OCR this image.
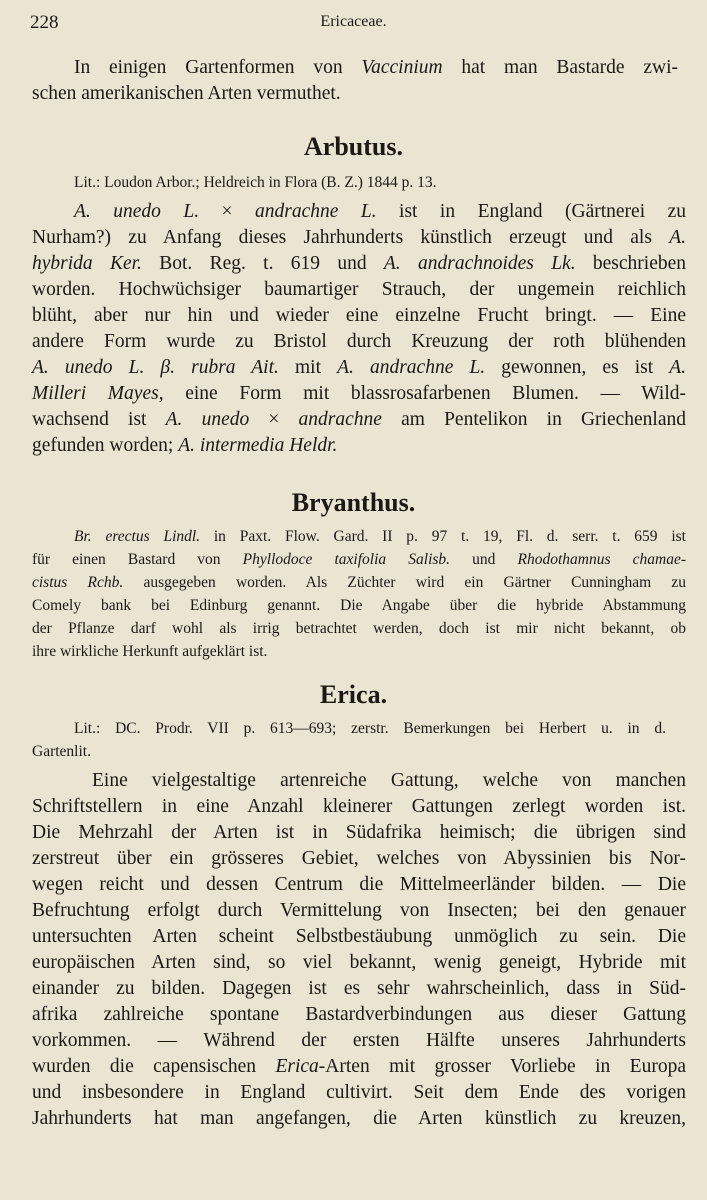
228	Ericaceae.
In einigen Gartenformen von Vaccinium hat man Bastarde zwi-
schen amerikanischen Arten vermuthet.
Arbutus.
Lit.: Loudon Arbor.; Heldreich in Flora (B. Z.) 1844 p. 13.
A. unedo L. × andrachne L. ist in England (Gärtnerei zu
Nurham?) zu Anfang dieses Jahrhunderts künstlich erzeugt und als A.
hybrida Ker. Bot. Reg. t. 619 und A. andrachnoides Lk. beschrieben
worden. Hochwüchsiger baumartiger Strauch, der ungemein reichlich
blüht, aber nur hin und wieder eine einzelne Frucht bringt. — Eine
andere Form wurde zu Bristol durch Kreuzung der roth blühenden
A. unedo L. β. rubra Ait. mit A. andrachne L. gewonnen, es ist A.
Milleri Mayes, eine Form mit blassrosafarbenen Blumen. — Wild-
wachsend ist A. unedo × andrachne am Pentelikon in Griechenland
gefunden worden; A. intermedia Heldr.
Bryanthus.
Br. erectus Lindl. in Paxt. Flow. Gard. II p. 97 t. 19, Fl. d. serr. t. 659 ist
für einen Bastard von Phyllodoce taxifolia Salisb. und Rhodothamnus chamae-
cistus Rchb. ausgegeben worden. Als Züchter wird ein Gärtner Cunningham zu
Comely bank bei Edinburg genannt. Die Angabe über die hybride Abstammung
der Pflanze darf wohl als irrig betrachtet werden, doch ist mir nicht bekannt, ob
ihre wirkliche Herkunft aufgeklärt ist.
Erica.
Lit.: DC. Prodr. VII p. 613—693; zerstr. Bemerkungen bei Herbert u. in d.
Gartenlit.
Eine vielgestaltige artenreiche Gattung, welche von manchen
Schriftstellern in eine Anzahl kleinerer Gattungen zerlegt worden ist.
Die Mehrzahl der Arten ist in Südafrika heimisch; die übrigen sind
zerstreut über ein grösseres Gebiet, welches von Abyssinien bis Nor-
wegen reicht und dessen Centrum die Mittelmeerländer bilden. — Die
Befruchtung erfolgt durch Vermittelung von Insecten; bei den genauer
untersuchten Arten scheint Selbstbestäubung unmöglich zu sein. Die
europäischen Arten sind, so viel bekannt, wenig geneigt, Hybride mit
einander zu bilden. Dagegen ist es sehr wahrscheinlich, dass in Süd-
afrika zahlreiche spontane Bastardverbindungen aus dieser Gattung
vorkommen. — Während der ersten Hälfte unseres Jahrhunderts
wurden die capensischen Erica-Arten mit grosser Vorliebe in Europa
und insbesondere in England cultivirt. Seit dem Ende des vorigen
Jahrhunderts hat man angefangen, die Arten künstlich zu kreuzen,
